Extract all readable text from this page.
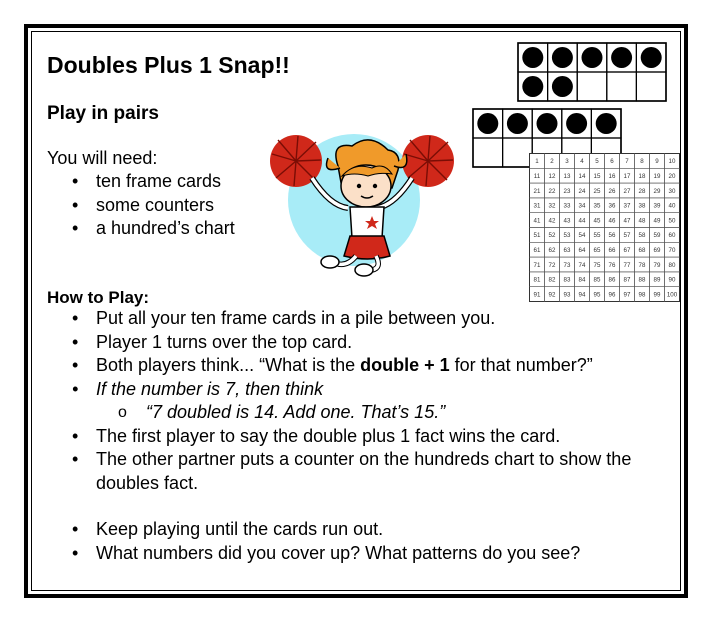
Doubles Plus 1 Snap!!
Play in pairs
You will need:
• ten frame cards
• some counters
• a hundred’s chart
1 2 3 4 5 6 7 8 9 10
11 12 13 14 15 16 17 18 19 20
21 22 23 24 25 26 27 28 29 30
31 32 33 34 35 36 37 38 39 40
41 42 43 44 45 46 47 48 49 50
51 52 53 54 55 56 57 58 59 60
61 62 63 64 65 66 67 68 69 70
71 72 73 74 75 76 77 78 79 80
81 82 83 84 85 86 87 88 89 90
91 92 93 94 95 96 97 98 99 100
How to Play:
• Put all your ten frame cards in a pile between you.
• Player 1 turns over the top card.
• Both players think... “What is the double + 1 for that number?”
• If the number is 7, then think
o “7 doubled is 14. Add one. That’s 15.”
• The first player to say the double plus 1 fact wins the card.
• The other partner puts a counter on the hundreds chart to show the doubles fact.
• Keep playing until the cards run out.
• What numbers did you cover up? What patterns do you see?
